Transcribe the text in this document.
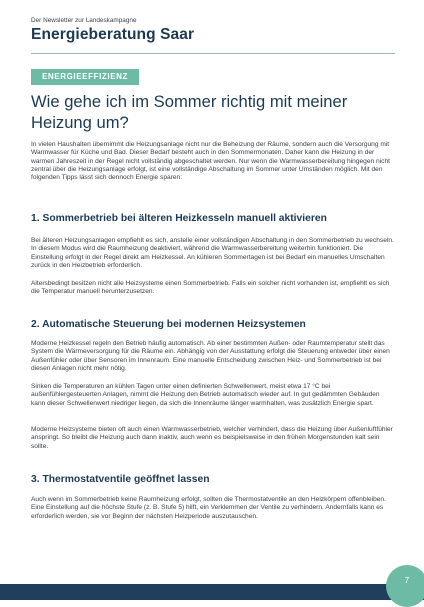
Der Newsletter zur Landeskampagne
Energieberatung Saar
ENERGIEEFFIZIENZ
Wie gehe ich im Sommer richtig mit meiner Heizung um?
In vielen Haushalten übernimmt die Heizungsanlage nicht nur die Beheizung der Räume, sondern auch die Versorgung mit Warmwasser für Küche und Bad. Dieser Bedarf besteht auch in den Sommermonaten. Daher kann die Heizung in der warmen Jahreszeit in der Regel nicht vollständig abgeschaltet werden. Nur wenn die Warmwasserbereitung hingegen nicht zentral über die Heizungsanlage erfolgt, ist eine vollständige Abschaltung im Sommer unter Umständen möglich. Mit den folgenden Tipps lässt sich dennoch Energie sparen:
1. Sommerbetrieb bei älteren Heizkesseln manuell aktivieren
Bei älteren Heizungsanlagen empfiehlt es sich, anstelle einer vollständigen Abschaltung in den Sommerbetrieb zu wechseln. In diesem Modus wird die Raumheizung deaktiviert, während die Warmwasserbereitung weiterhin funktioniert. Die Einstellung erfolgt in der Regel direkt am Heizkessel. An kühleren Sommertagen ist bei Bedarf ein manuelles Umschalten zurück in den Heizbetrieb erforderlich.
Altersbedingt besitzen nicht alle Heizsysteme einen Sommerbetrieb. Falls ein solcher nicht vorhanden ist, empfiehlt es sich die Temperatur manuell herunterzusetzen.
2. Automatische Steuerung bei modernen Heizsystemen
Moderne Heizkessel regeln den Betrieb häufig automatisch. Ab einer bestimmten Außen- oder Raumtemperatur stellt das System die Wärmeversorgung für die Räume ein. Abhängig von der Ausstattung erfolgt die Steuerung entweder über einen Außenfühler oder über Sensoren im Innenraum. Eine manuelle Entscheidung zwischen Heiz- und Sommerbetrieb ist bei diesen Anlagen nicht mehr nötig.
Sinken die Temperaturen an kühlen Tagen unter einen definierten Schwellenwert, meist etwa 17 °C bei außenfühlergesteuerten Anlagen, nimmt die Heizung den Betrieb automatisch wieder auf. In gut gedämmten Gebäuden kann dieser Schwellenwert niedriger liegen, da sich die Innenräume länger warmhalten, was zusätzlich Energie spart.
Moderne Heizsysteme bieten oft auch einen Warmwasserbetrieb, welcher verhindert, dass die Heizung über Außenluftfühler anspringt. So bleibt die Heizung auch dann inaktiv, auch wenn es beispielsweise in den frühen Morgenstunden kalt sein sollte.
3. Thermostatventile geöffnet lassen
Auch wenn im Sommerbetrieb keine Raumheizung erfolgt, sollten die Thermostatventile an den Heizkörpern offenbleiben. Eine Einstellung auf die höchste Stufe (z. B. Stufe 5) hilft, ein Verklemmen der Ventile zu verhindern. Andernfalls kann es erforderlich werden, sie vor Beginn der nächsten Heizperiode auszutauschen.
7
